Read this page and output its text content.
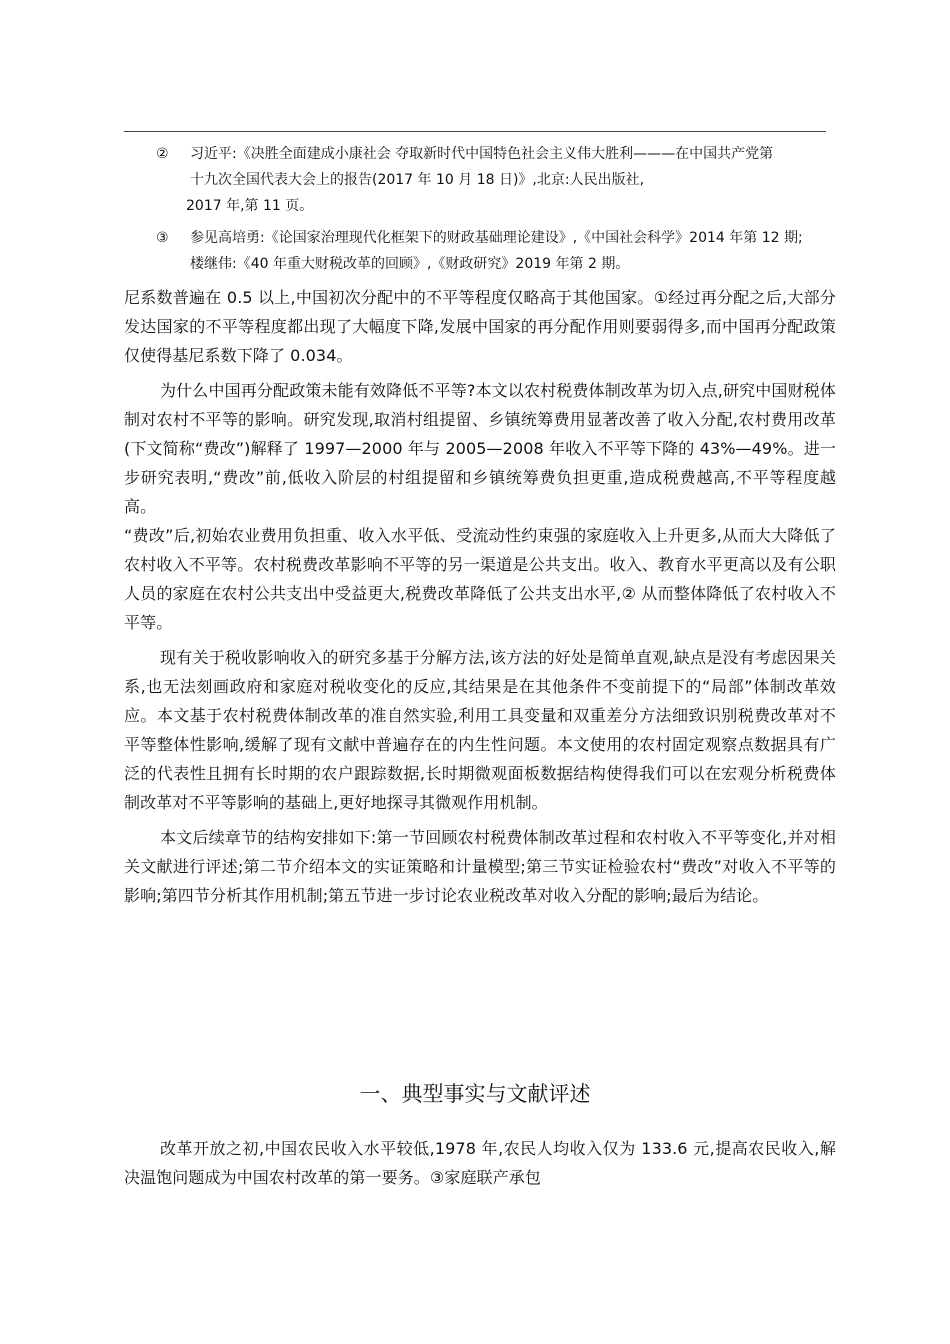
② 习近平:《决胜全面建成小康社会 夺取新时代中国特色社会主义伟大胜利———在中国共产党第
十九次全国代表大会上的报告(2017 年 10 月 18 日)》,北京:人民出版社,
2017 年,第 11 页。
③ 参见高培勇:《论国家治理现代化框架下的财政基础理论建设》,《中国社会科学》2014 年第 12 期;
楼继伟:《40 年重大财税改革的回顾》,《财政研究》2019 年第 2 期。

尼系数普遍在 0.5 以上,中国初次分配中的不平等程度仅略高于其他国家。①经过再分配之后,大部分发达国家的不平等程度都出现了大幅度下降,发展中国家的再分配作用则要弱得多,而中国再分配政策仅使得基尼系数下降了 0.034。

为什么中国再分配政策未能有效降低不平等?本文以农村税费体制改革为切入点,研究中国财税体制对农村不平等的影响。研究发现,取消村组提留、乡镇统筹费用显著改善了收入分配,农村费用改革(下文简称“费改”)解释了 1997—2000 年与 2005—2008 年收入不平等下降的 43%—49%。进一步研究表明,“费改”前,低收入阶层的村组提留和乡镇统筹费负担更重,造成税费越高,不平等程度越高。

“费改”后,初始农业费用负担重、收入水平低、受流动性约束强的家庭收入上升更多,从而大大降低了农村收入不平等。农村税费改革影响不平等的另一渠道是公共支出。收入、教育水平更高以及有公职人员的家庭在农村公共支出中受益更大,税费改革降低了公共支出水平,② 从而整体降低了农村收入不平等。

现有关于税收影响收入的研究多基于分解方法,该方法的好处是简单直观,缺点是没有考虑因果关系,也无法刻画政府和家庭对税收变化的反应,其结果是在其他条件不变前提下的“局部”体制改革效应。本文基于农村税费体制改革的准自然实验,利用工具变量和双重差分方法细致识别税费改革对不平等整体性影响,缓解了现有文献中普遍存在的内生性问题。本文使用的农村固定观察点数据具有广泛的代表性且拥有长时期的农户跟踪数据,长时期微观面板数据结构使得我们可以在宏观分析税费体制改革对不平等影响的基础上,更好地探寻其微观作用机制。

本文后续章节的结构安排如下:第一节回顾农村税费体制改革过程和农村收入不平等变化,并对相关文献进行评述;第二节介绍本文的实证策略和计量模型;第三节实证检验农村“费改”对收入不平等的影响;第四节分析其作用机制;第五节进一步讨论农业税改革对收入分配的影响;最后为结论。

一、典型事实与文献评述

改革开放之初,中国农民收入水平较低,1978 年,农民人均收入仅为 133.6 元,提高农民收入,解决温饱问题成为中国农村改革的第一要务。③家庭联产承包
